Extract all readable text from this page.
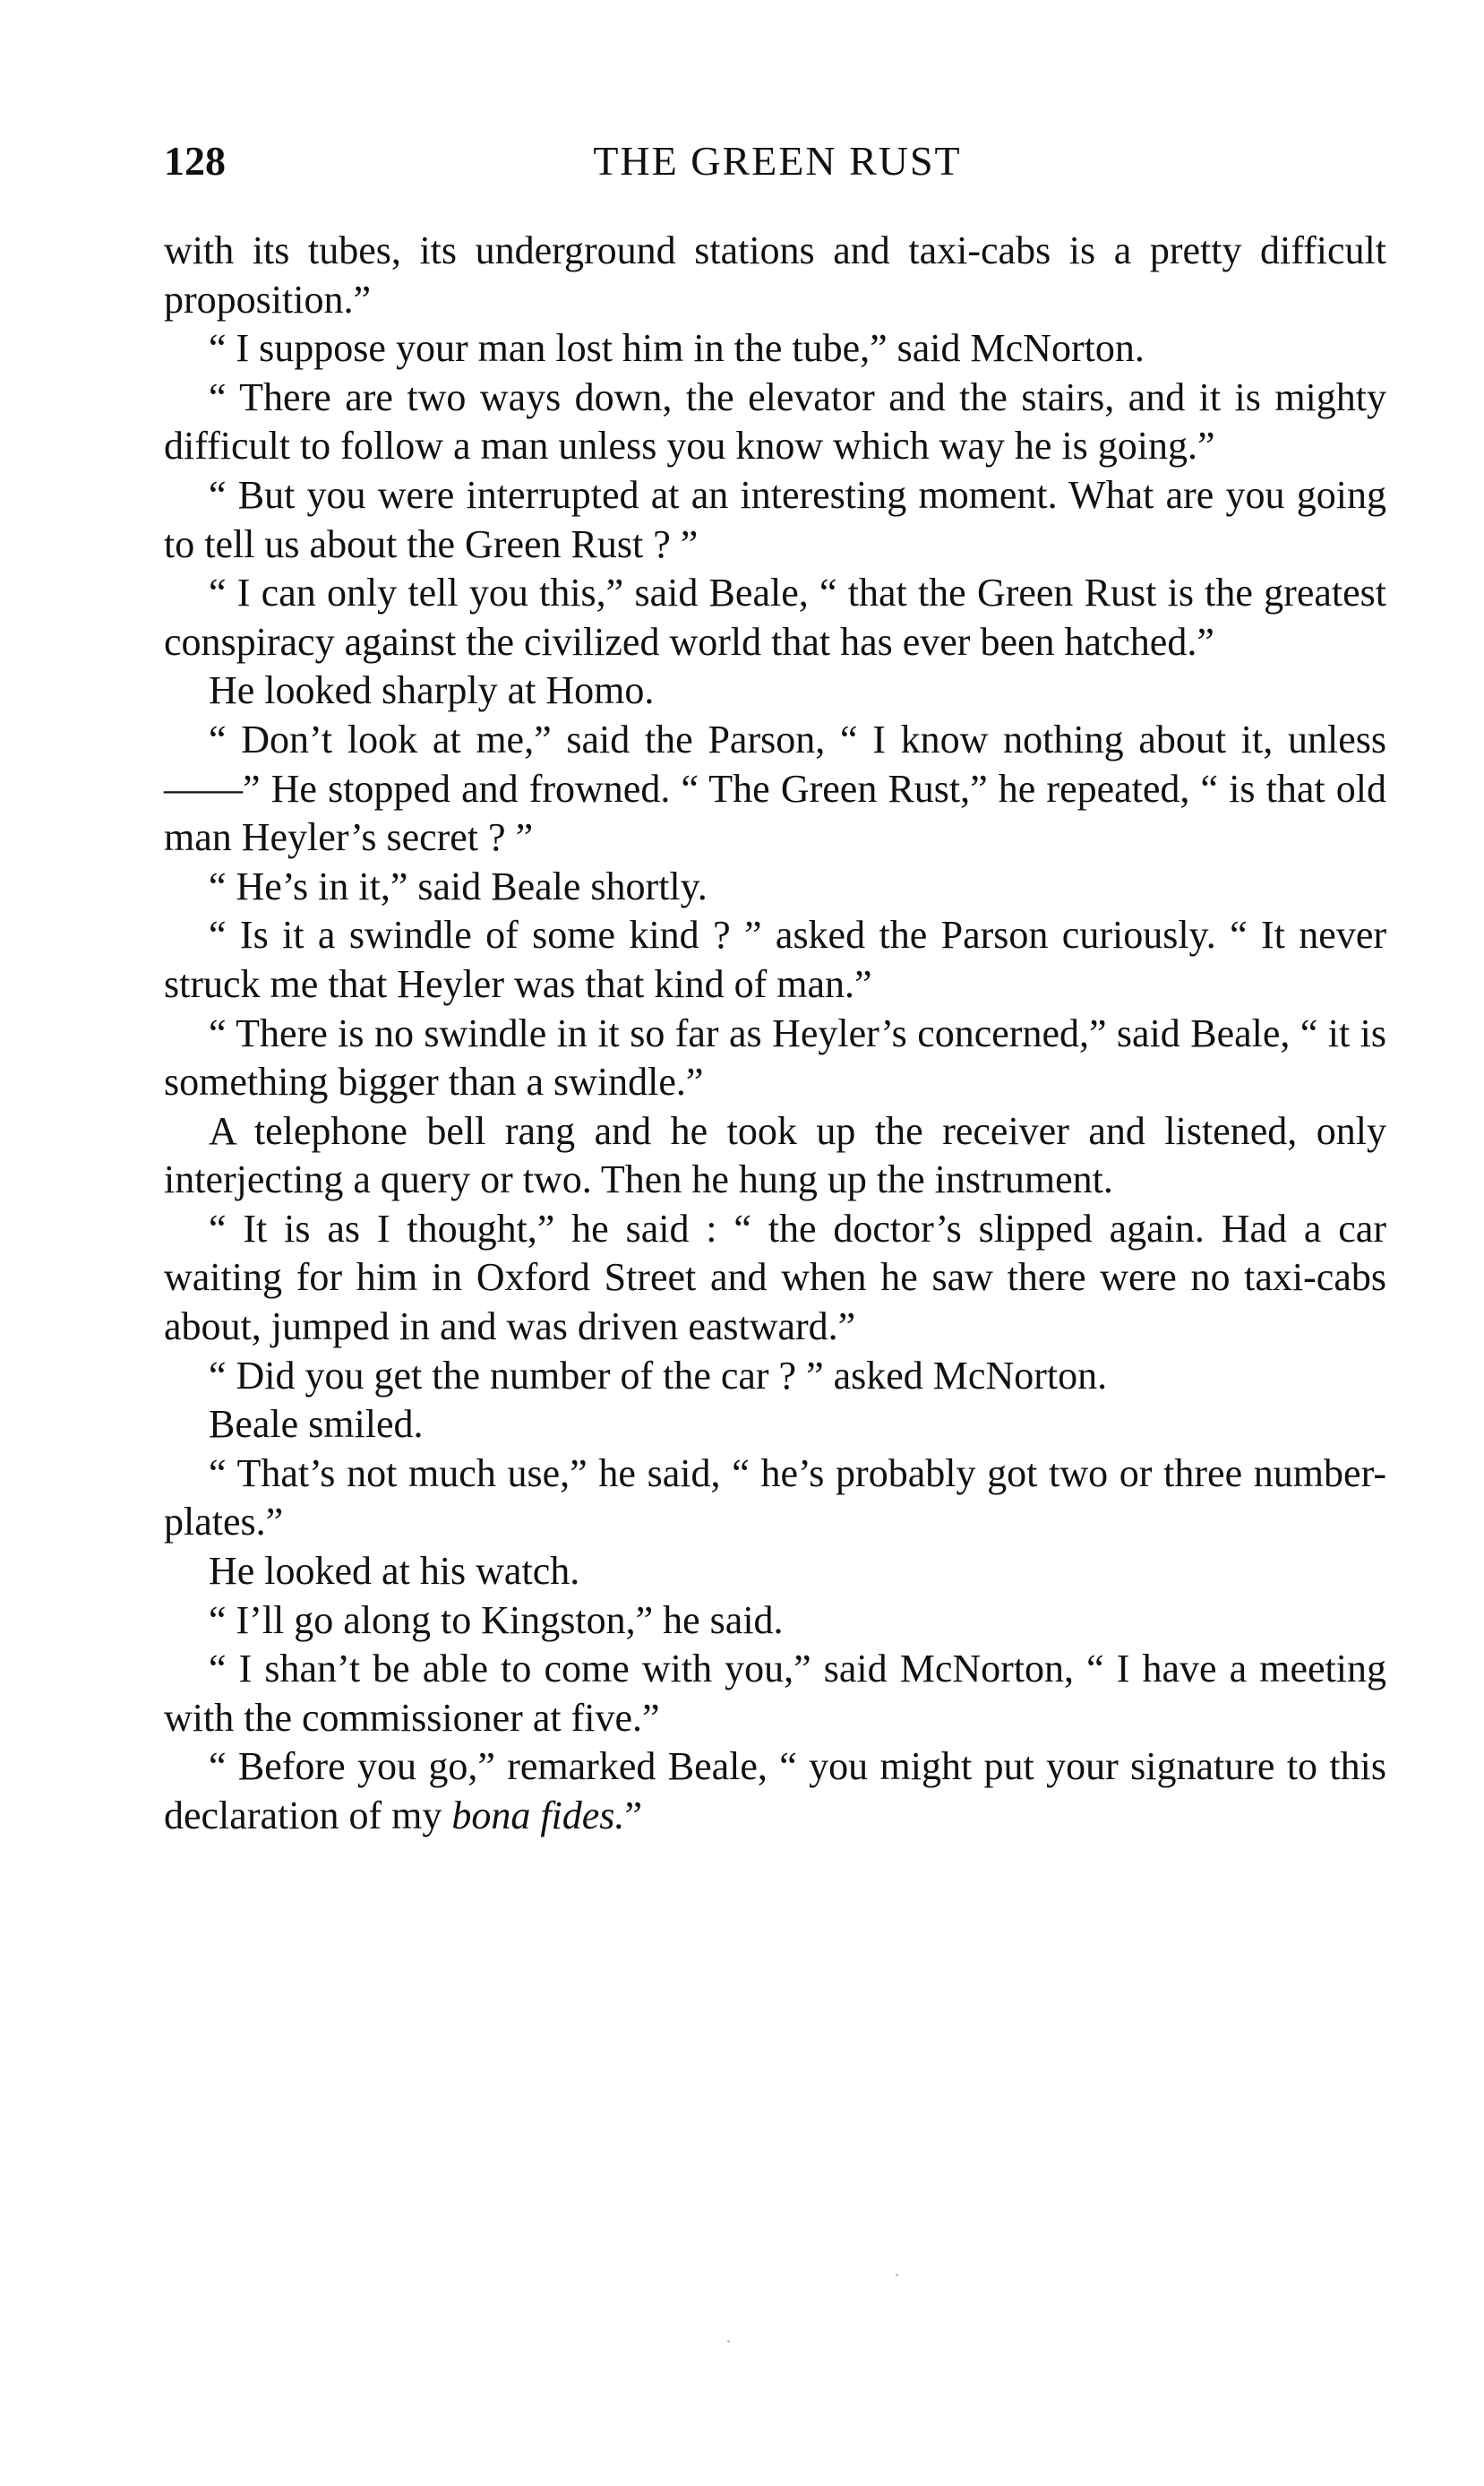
128	THE GREEN RUST

with its tubes, its underground stations and taxi-cabs is a pretty difficult proposition.”

“ I suppose your man lost him in the tube,” said McNorton.

“ There are two ways down, the elevator and the stairs, and it is mighty difficult to follow a man unless you know which way he is going.”

“ But you were interrupted at an interesting moment. What are you going to tell us about the Green Rust ? ”

“ I can only tell you this,” said Beale, “ that the Green Rust is the greatest conspiracy against the civilized world that has ever been hatched.”

He looked sharply at Homo.

“ Don’t look at me,” said the Parson, “ I know nothing about it, unless——” He stopped and frowned. “ The Green Rust,” he repeated, “ is that old man Heyler’s secret ? ”

“ He’s in it,” said Beale shortly.

“ Is it a swindle of some kind ? ” asked the Parson curiously. “ It never struck me that Heyler was that kind of man.”

“ There is no swindle in it so far as Heyler’s concerned,” said Beale, “ it is something bigger than a swindle.”

A telephone bell rang and he took up the receiver and listened, only interjecting a query or two. Then he hung up the instrument.

“ It is as I thought,” he said : “ the doctor’s slipped again. Had a car waiting for him in Oxford Street and when he saw there were no taxi-cabs about, jumped in and was driven eastward.”

“ Did you get the number of the car ? ” asked McNorton.

Beale smiled.

“ That’s not much use,” he said, “ he’s probably got two or three number-plates.”

He looked at his watch.

“ I’ll go along to Kingston,” he said.

“ I shan’t be able to come with you,” said McNorton, “ I have a meeting with the commissioner at five.”

“ Before you go,” remarked Beale, “ you might put your signature to this declaration of my bona fides.”
